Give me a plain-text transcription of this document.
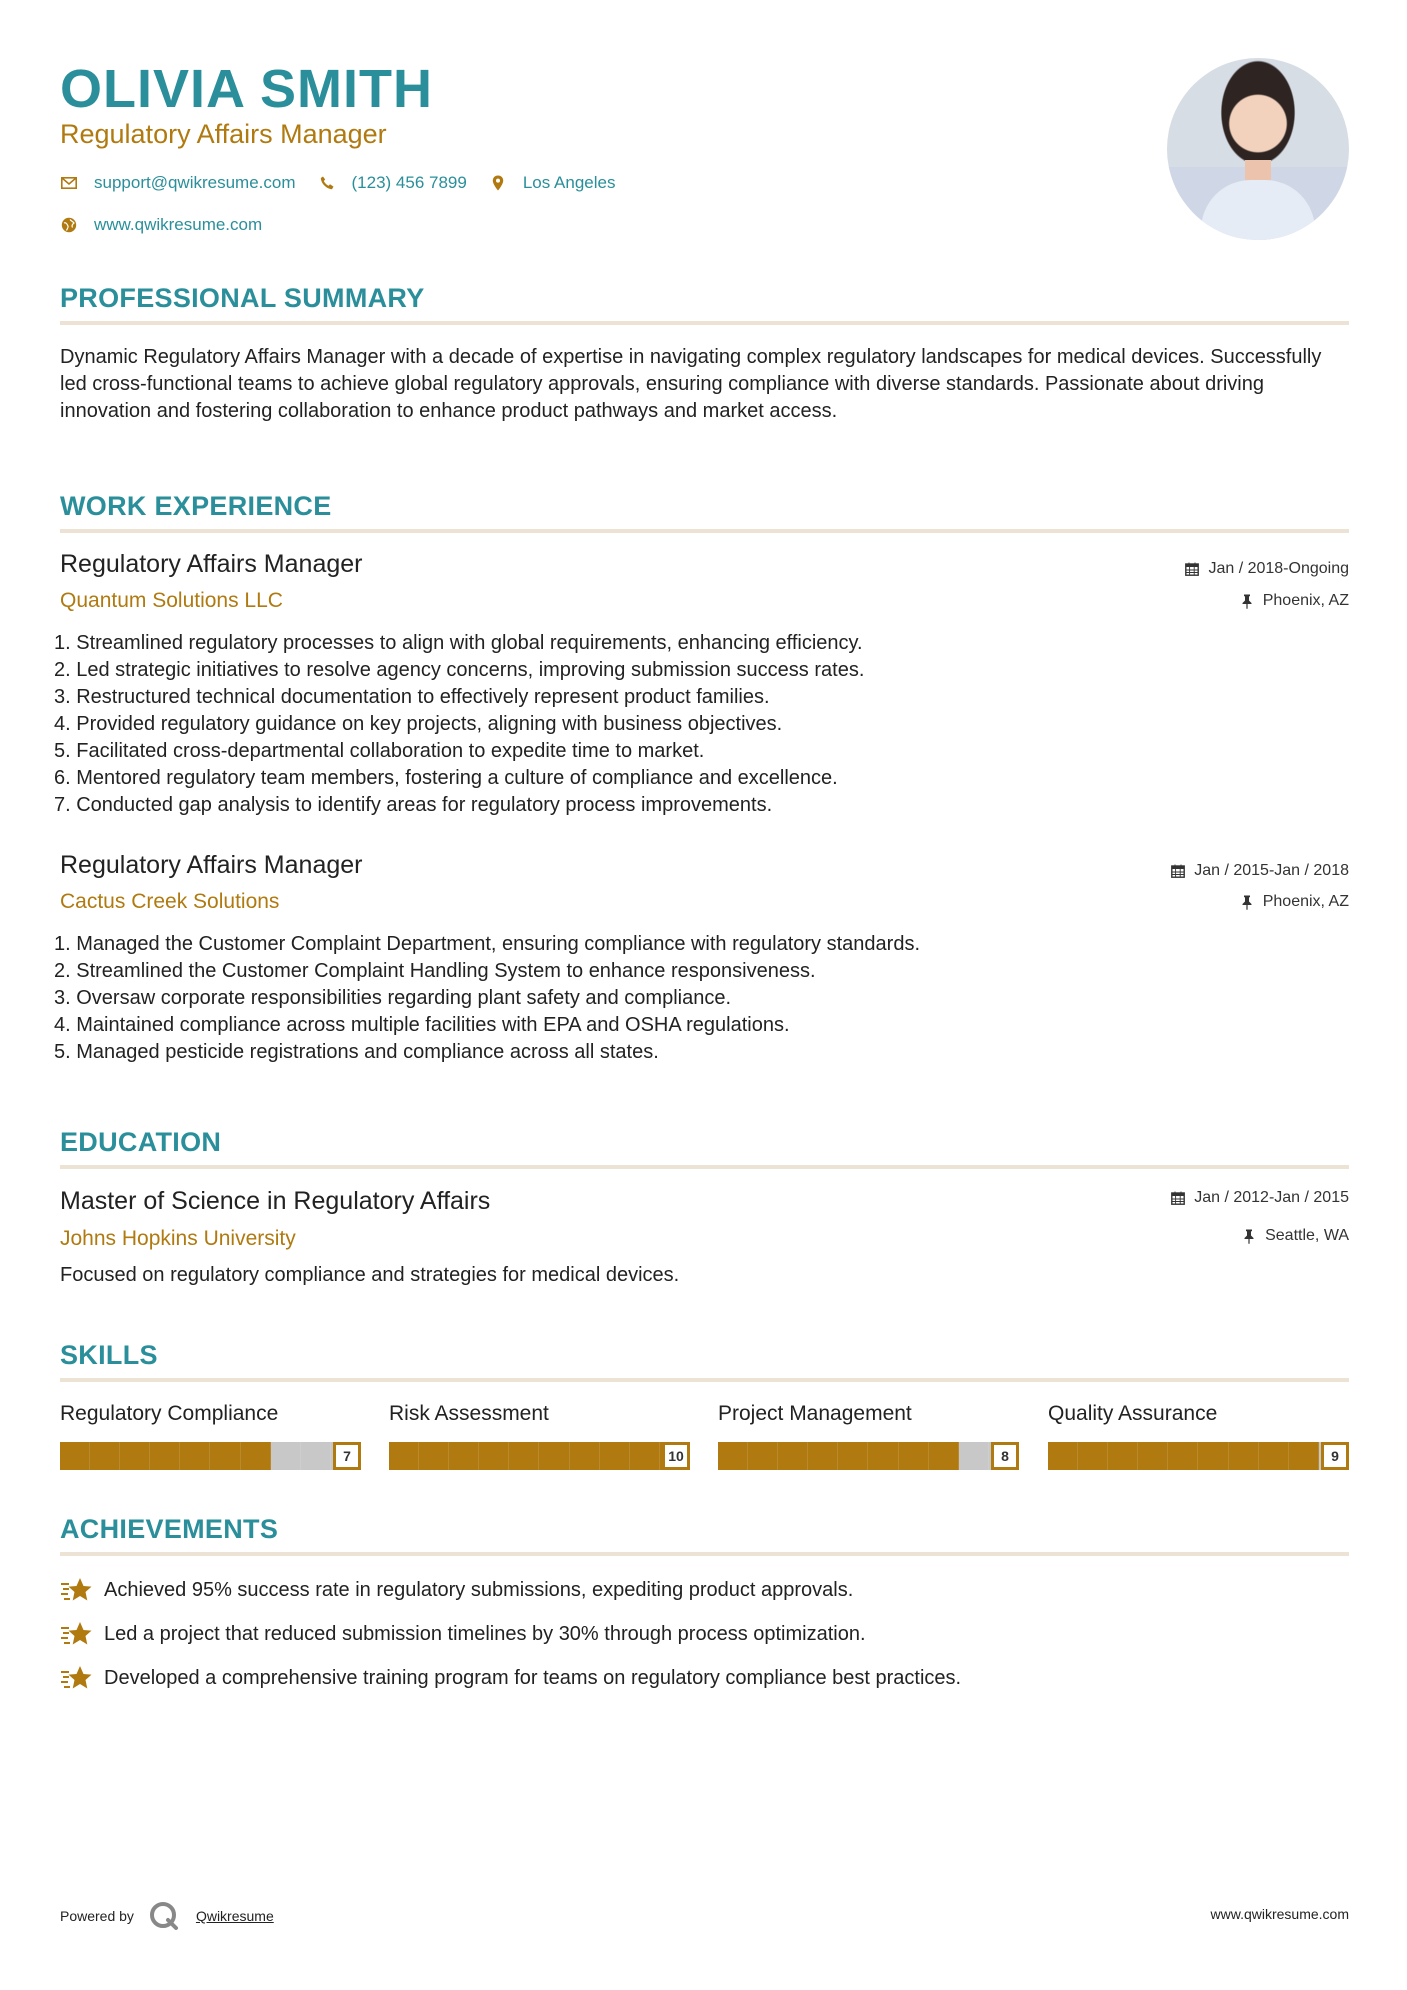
OLIVIA SMITH
Regulatory Affairs Manager
support@qwikresume.com	(123) 456 7899	Los Angeles
www.qwikresume.com
PROFESSIONAL SUMMARY
Dynamic Regulatory Affairs Manager with a decade of expertise in navigating complex regulatory landscapes for medical devices. Successfully led cross-functional teams to achieve global regulatory approvals, ensuring compliance with diverse standards. Passionate about driving innovation and fostering collaboration to enhance product pathways and market access.
WORK EXPERIENCE
Regulatory Affairs Manager
Quantum Solutions LLC
Jan / 2018-Ongoing
Phoenix, AZ
1. Streamlined regulatory processes to align with global requirements, enhancing efficiency.
2. Led strategic initiatives to resolve agency concerns, improving submission success rates.
3. Restructured technical documentation to effectively represent product families.
4. Provided regulatory guidance on key projects, aligning with business objectives.
5. Facilitated cross-departmental collaboration to expedite time to market.
6. Mentored regulatory team members, fostering a culture of compliance and excellence.
7. Conducted gap analysis to identify areas for regulatory process improvements.
Regulatory Affairs Manager
Cactus Creek Solutions
Jan / 2015-Jan / 2018
Phoenix, AZ
1. Managed the Customer Complaint Department, ensuring compliance with regulatory standards.
2. Streamlined the Customer Complaint Handling System to enhance responsiveness.
3. Oversaw corporate responsibilities regarding plant safety and compliance.
4. Maintained compliance across multiple facilities with EPA and OSHA regulations.
5. Managed pesticide registrations and compliance across all states.
EDUCATION
Master of Science in Regulatory Affairs
Johns Hopkins University
Jan / 2012-Jan / 2015
Seattle, WA
Focused on regulatory compliance and strategies for medical devices.
SKILLS
Regulatory Compliance
7
Risk Assessment
10
Project Management
8
Quality Assurance
9
ACHIEVEMENTS
Achieved 95% success rate in regulatory submissions, expediting product approvals.
Led a project that reduced submission timelines by 30% through process optimization.
Developed a comprehensive training program for teams on regulatory compliance best practices.
Powered by	Qwikresume	www.qwikresume.com
